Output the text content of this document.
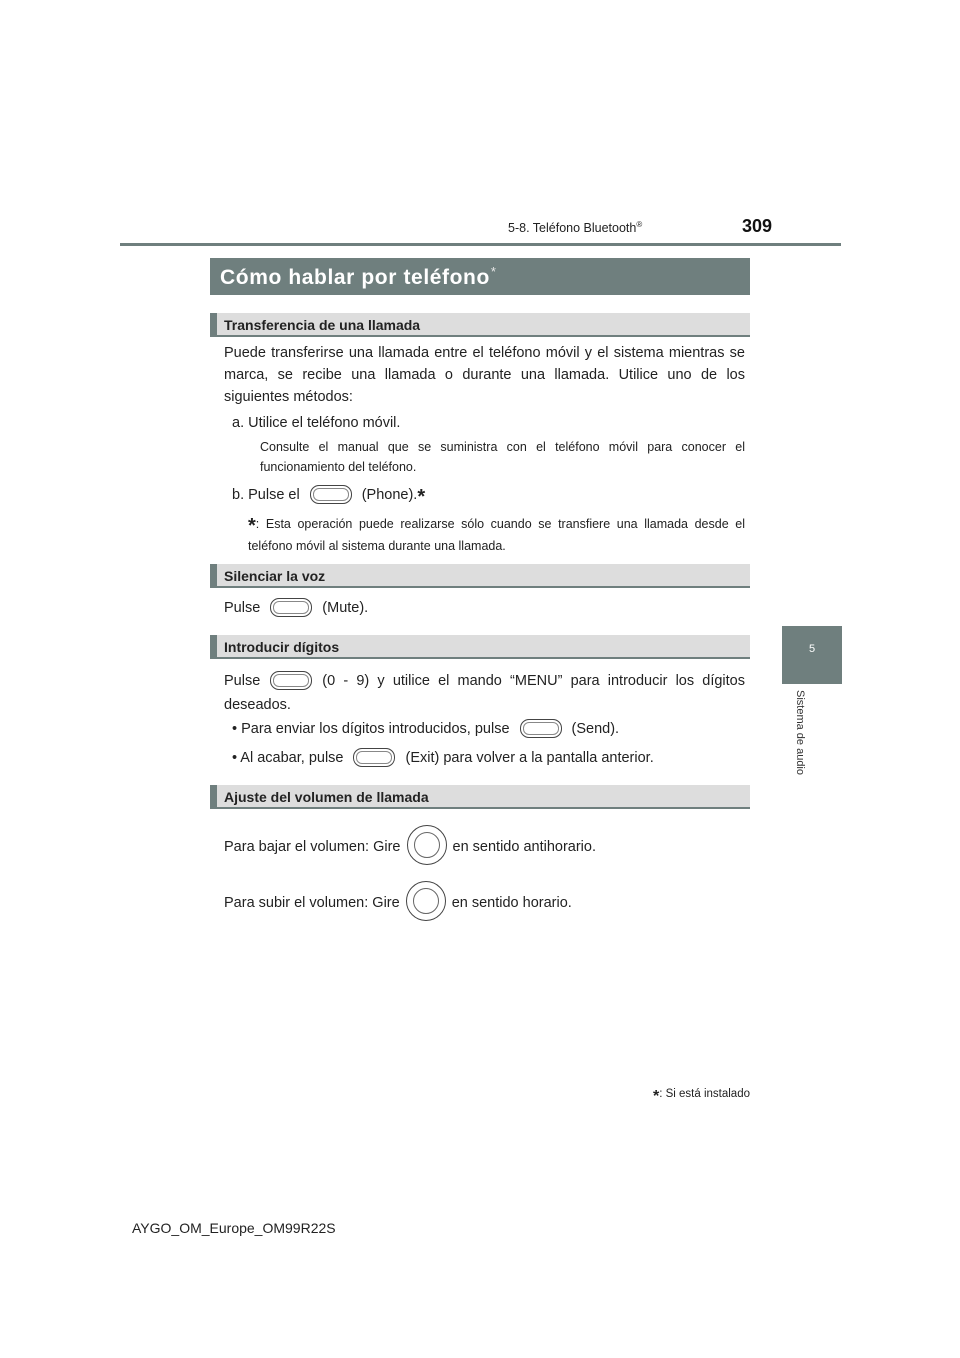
5-8. Teléfono Bluetooth®	309
5
Sistema de audio
Cómo hablar por teléfono*
Transferencia de una llamada
Puede transferirse una llamada entre el teléfono móvil y el sistema mientras se marca, se recibe una llamada o durante una llamada. Utilice uno de los siguientes métodos:
a. Utilice el teléfono móvil.
Consulte el manual que se suministra con el teléfono móvil para conocer el funcionamiento del teléfono.
b. Pulse el	(Phone).*
*: Esta operación puede realizarse sólo cuando se transfiere una llamada desde el teléfono móvil al sistema durante una llamada.
Silenciar la voz
Pulse	(Mute).
Introducir dígitos
Pulse	(0 - 9) y utilice el mando “MENU” para introducir los dígitos deseados.
• Para enviar los dígitos introducidos, pulse	(Send).
• Al acabar, pulse	(Exit) para volver a la pantalla anterior.
Ajuste del volumen de llamada
Para bajar el volumen: Gire	en sentido antihorario.
Para subir el volumen: Gire	en sentido horario.
*: Si está instalado
AYGO_OM_Europe_OM99R22S
